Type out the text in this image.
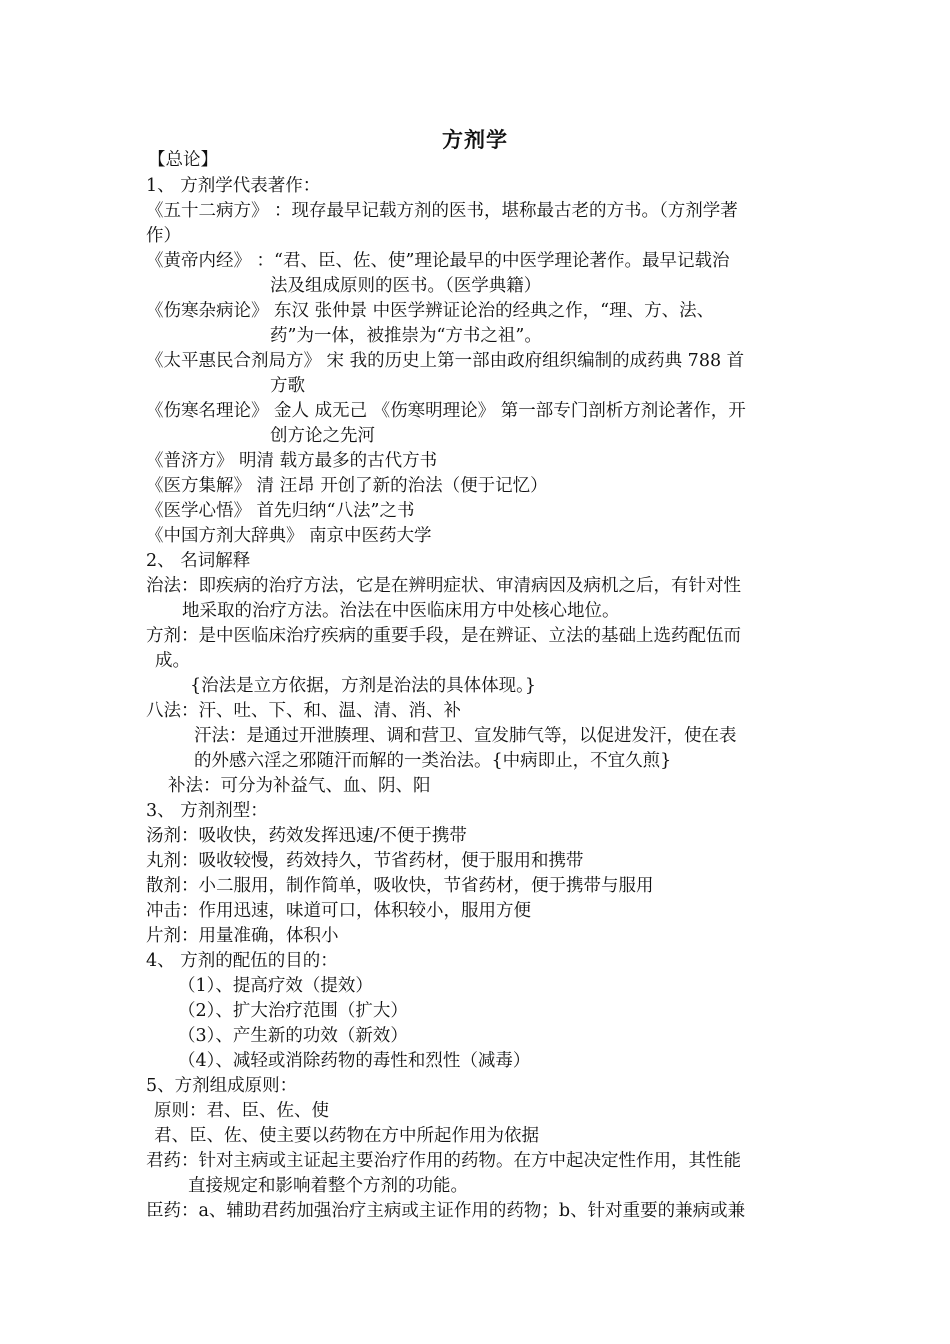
方剂学
【总论】
1、 方剂学代表著作：
《五十二病方》 ：现存最早记载方剂的医书，堪称最古老的方书。（方剂学著
作）
《黄帝内经》 ：“君、臣、佐、使”理论最早的中医学理论著作。最早记载治
法及组成原则的医书。（医学典籍）
《伤寒杂病论》 东汉 张仲景 中医学辨证论治的经典之作，“理、方、法、
药”为一体，被推崇为“方书之祖”。
《太平惠民合剂局方》 宋 我的历史上第一部由政府组织编制的成药典 788 首
方歌
《伤寒名理论》 金人 成无己 《伤寒明理论》 第一部专门剖析方剂论著作，开
创方论之先河
《普济方》 明清 载方最多的古代方书
《医方集解》 清 汪昂 开创了新的治法（便于记忆）
《医学心悟》 首先归纳“八法”之书
《中国方剂大辞典》 南京中医药大学
2、 名词解释
治法：即疾病的治疗方法，它是在辨明症状、审清病因及病机之后，有针对性
地采取的治疗方法。治法在中医临床用方中处核心地位。
方剂：是中医临床治疗疾病的重要手段，是在辨证、立法的基础上选药配伍而
成。
{治法是立方依据，方剂是治法的具体体现。}
八法：汗、吐、下、和、温、清、消、补
汗法：是通过开泄腠理、调和营卫、宣发肺气等，以促进发汗，使在表
的外感六淫之邪随汗而解的一类治法。{中病即止，不宜久煎}
补法：可分为补益气、血、阴、阳
3、 方剂剂型：
汤剂：吸收快，药效发挥迅速/不便于携带
丸剂：吸收较慢，药效持久，节省药材，便于服用和携带
散剂：小二服用，制作简单，吸收快，节省药材，便于携带与服用
冲击：作用迅速，味道可口，体积较小，服用方便
片剂：用量准确，体积小
4、 方剂的配伍的目的：
（1）、提高疗效（提效）
（2）、扩大治疗范围（扩大）
（3）、产生新的功效（新效）
（4）、减轻或消除药物的毒性和烈性（减毒）
5、方剂组成原则：
原则：君、臣、佐、使
君、臣、佐、使主要以药物在方中所起作用为依据
君药：针对主病或主证起主要治疗作用的药物。在方中起决定性作用，其性能
直接规定和影响着整个方剂的功能。
臣药：a、辅助君药加强治疗主病或主证作用的药物；b、针对重要的兼病或兼
